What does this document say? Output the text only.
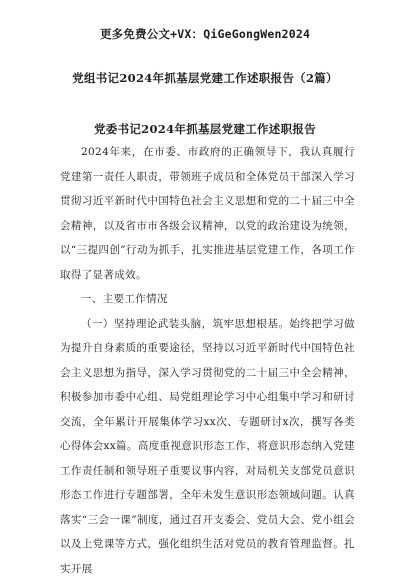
更多免费公文+VX：QiGeGongWen2024
党组书记2024年抓基层党建工作述职报告（2篇）
党委书记2024年抓基层党建工作述职报告

2024年来，在市委、市政府的正确领导下，我认真履行党建第一责任人职责，带领班子成员和全体党员干部深入学习贯彻习近平新时代中国特色社会主义思想和党的二十届三中全会精神，以及省市市各级会议精神，以党的政治建设为统领，以“三提四创”行动为抓手，扎实推进基层党建工作，各项工作取得了显著成效。

一、主要工作情况

（一）坚持理论武装头脑，筑牢思想根基。始终把学习做为提升自身素质的重要途径，坚持以习近平新时代中国特色社会主义思想为指导，深入学习贯彻党的二十届三中全会精神，积极参加市委中心组、局党组理论学习中心组集中学习和研讨交流，全年累计开展集体学习xx次、专题研讨x次，撰写各类心得体会xx篇。高度重视意识形态工作，将意识形态纳入党建工作责任制和领导班子重要议事内容，对局机关支部党员意识形态工作进行专题部署，全年未发生意识形态领域问题。认真落实“三会一课”制度，通过召开支委会、党员大会、党小组会以及上党课等方式，强化组织生活对党员的教育管理监督。扎实开展
